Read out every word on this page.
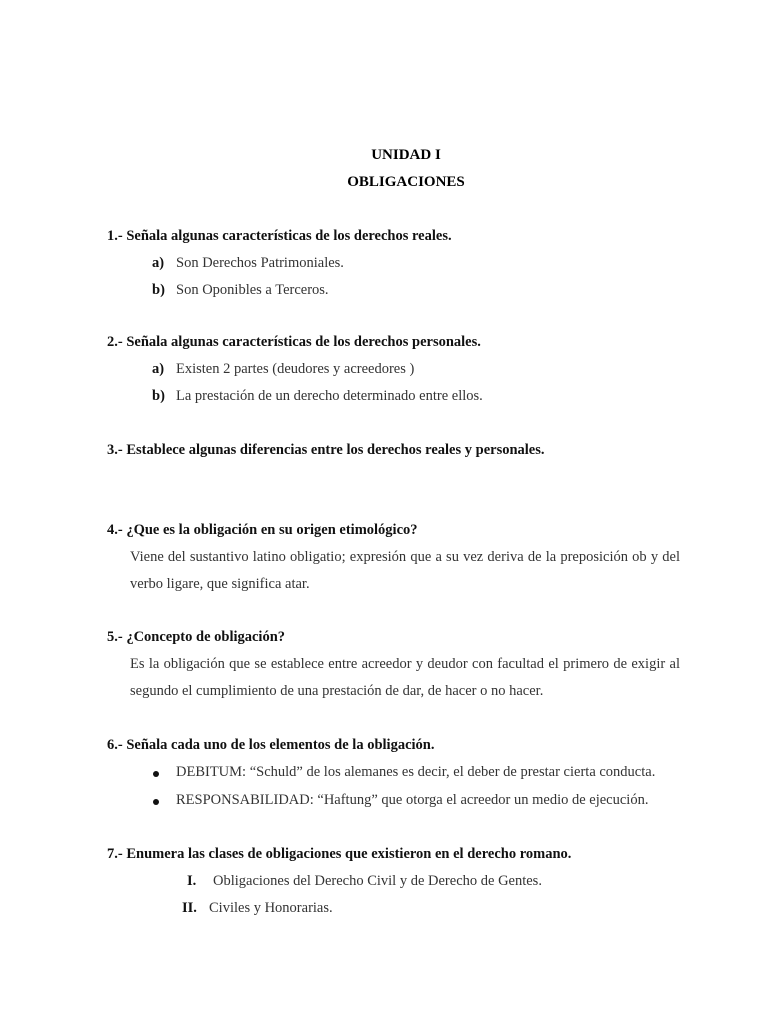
UNIDAD I
OBLIGACIONES
1.- Señala algunas características de los derechos reales.
a) Son Derechos Patrimoniales.
b) Son Oponibles a Terceros.
2.- Señala algunas características de los derechos personales.
a) Existen 2 partes (deudores y acreedores )
b) La prestación de un derecho determinado entre ellos.
3.- Establece algunas diferencias entre los derechos reales y personales.
4.- ¿Que es la obligación en su origen etimológico?
Viene del sustantivo latino obligatio; expresión que a su vez deriva de la preposición ob y del verbo ligare, que significa atar.
5.- ¿Concepto de obligación?
Es la obligación que se establece entre acreedor y deudor con facultad el primero de exigir al segundo el cumplimiento de una prestación de dar, de hacer o no hacer.
6.- Señala cada uno de los elementos de la obligación.
DEBITUM: “Schuld” de los alemanes es decir, el deber de prestar cierta conducta.
RESPONSABILIDAD: “Haftung” que otorga el acreedor un medio de ejecución.
7.- Enumera las clases de obligaciones que existieron en el derecho romano.
I. Obligaciones del Derecho Civil y de Derecho de Gentes.
II. Civiles y Honorarias.
